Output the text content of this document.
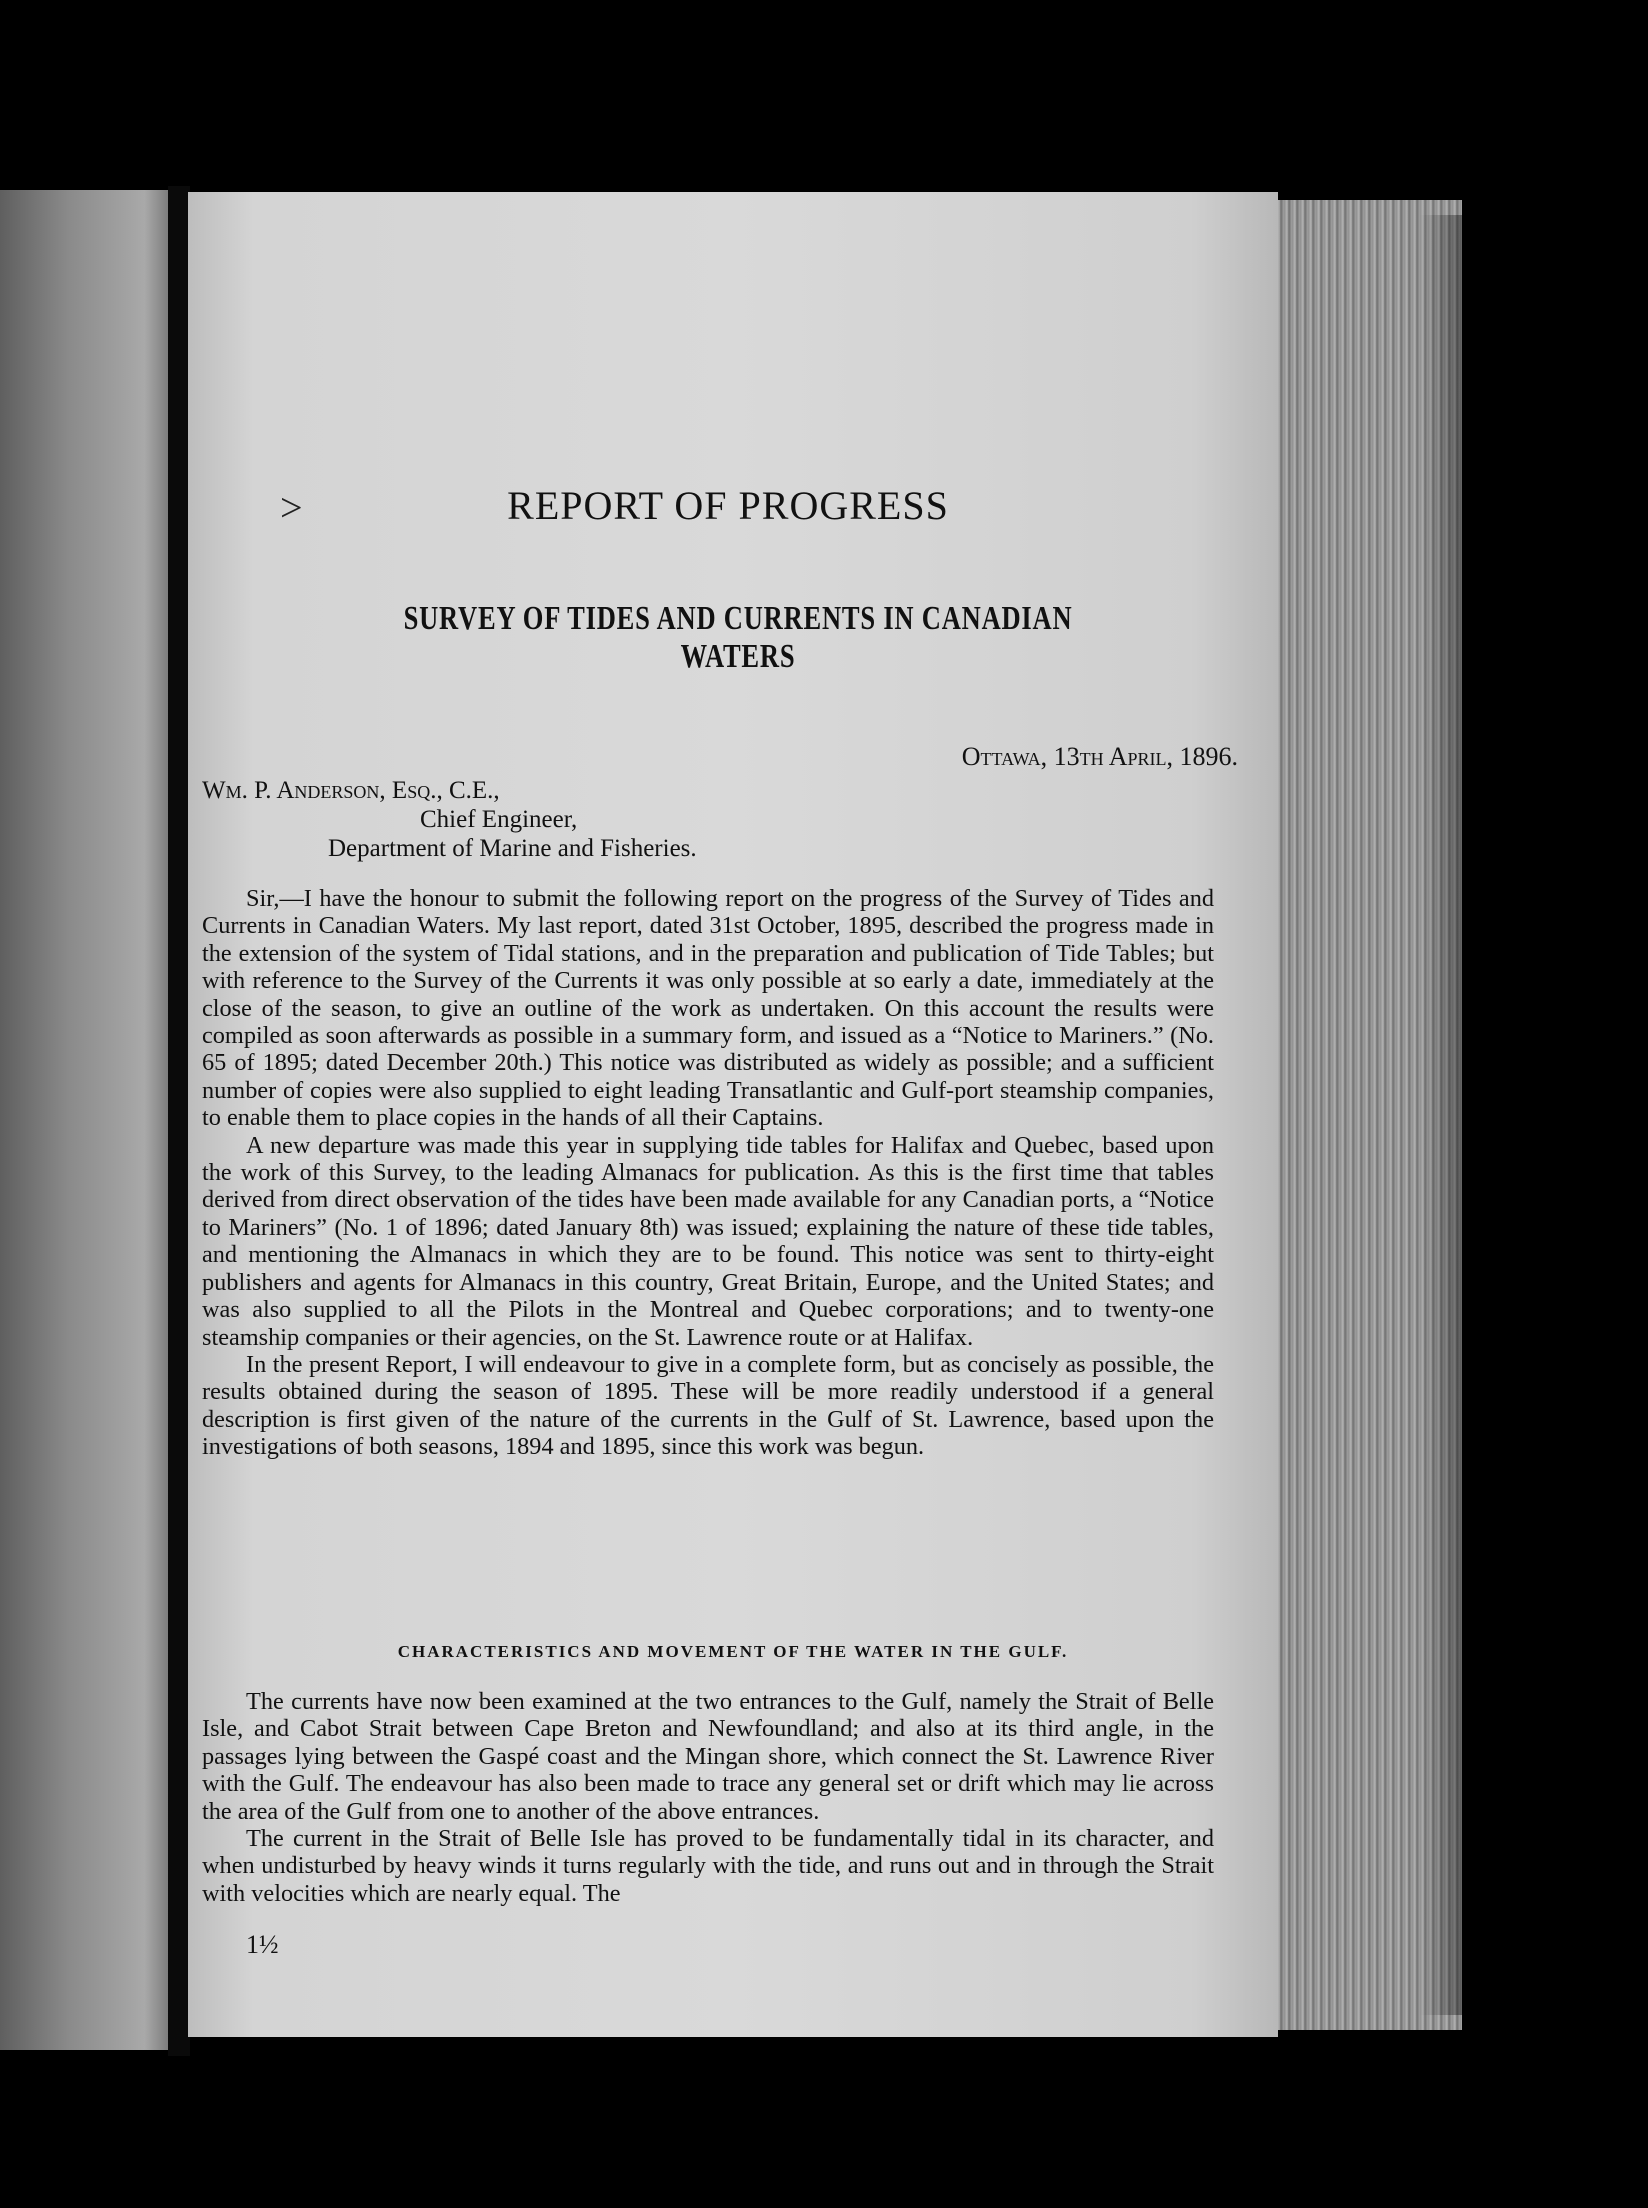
>	REPORT OF PROGRESS
SURVEY OF TIDES AND CURRENTS IN CANADIAN WATERS
Ottawa, 13th April, 1896.
Wm. P. Anderson, Esq., C.E.,
Chief Engineer,
Department of Marine and Fisheries.

Sir,—I have the honour to submit the following report on the progress of the Survey of Tides and Currents in Canadian Waters. My last report, dated 31st October, 1895, described the progress made in the extension of the system of Tidal stations, and in the preparation and publication of Tide Tables; but with reference to the Survey of the Currents it was only possible at so early a date, immediately at the close of the season, to give an outline of the work as undertaken. On this account the results were compiled as soon afterwards as possible in a summary form, and issued as a “Notice to Mariners.” (No. 65 of 1895; dated December 20th.) This notice was distributed as widely as possible; and a sufficient number of copies were also supplied to eight leading Transatlantic and Gulf-port steamship companies, to enable them to place copies in the hands of all their Captains.

A new departure was made this year in supplying tide tables for Halifax and Quebec, based upon the work of this Survey, to the leading Almanacs for publication. As this is the first time that tables derived from direct observation of the tides have been made available for any Canadian ports, a “Notice to Mariners” (No. 1 of 1896; dated January 8th) was issued; explaining the nature of these tide tables, and mentioning the Almanacs in which they are to be found. This notice was sent to thirty-eight publishers and agents for Almanacs in this country, Great Britain, Europe, and the United States; and was also supplied to all the Pilots in the Montreal and Quebec corporations; and to twenty-one steamship companies or their agencies, on the St. Lawrence route or at Halifax.

In the present Report, I will endeavour to give in a complete form, but as concisely as possible, the results obtained during the season of 1895. These will be more readily understood if a general description is first given of the nature of the currents in the Gulf of St. Lawrence, based upon the investigations of both seasons, 1894 and 1895, since this work was begun.

CHARACTERISTICS AND MOVEMENT OF THE WATER IN THE GULF.

The currents have now been examined at the two entrances to the Gulf, namely the Strait of Belle Isle, and Cabot Strait between Cape Breton and Newfoundland; and also at its third angle, in the passages lying between the Gaspé coast and the Mingan shore, which connect the St. Lawrence River with the Gulf. The endeavour has also been made to trace any general set or drift which may lie across the area of the Gulf from one to another of the above entrances.

The current in the Strait of Belle Isle has proved to be fundamentally tidal in its character, and when undisturbed by heavy winds it turns regularly with the tide, and runs out and in through the Strait with velocities which are nearly equal. The

1½
